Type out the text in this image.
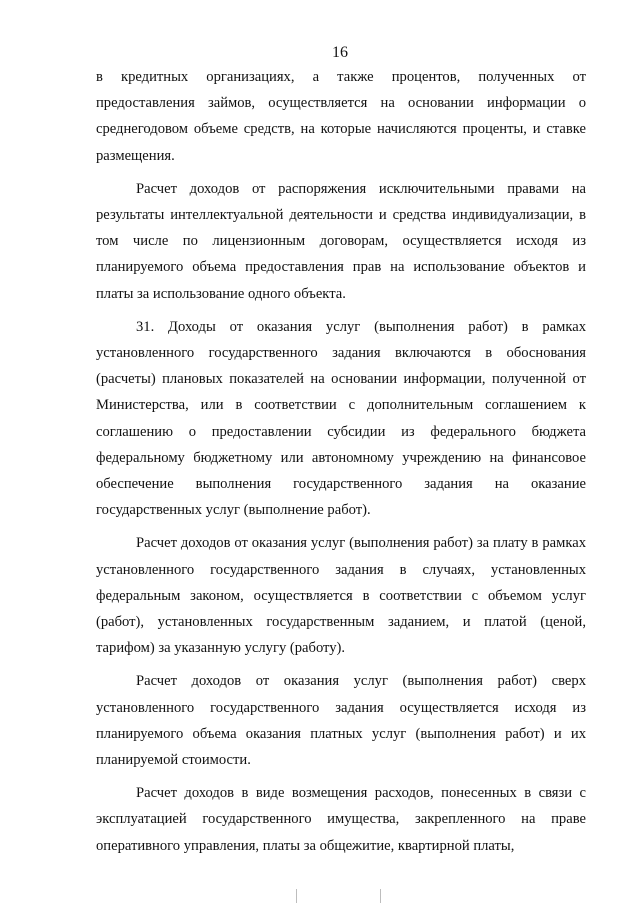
16

в кредитных организациях, а также процентов, полученных от предоставления займов, осуществляется на основании информации о среднегодовом объеме средств, на которые начисляются проценты, и ставке размещения.

Расчет доходов от распоряжения исключительными правами на результаты интеллектуальной деятельности и средства индивидуализации, в том числе по лицензионным договорам, осуществляется исходя из планируемого объема предоставления прав на использование объектов и платы за использование одного объекта.

31. Доходы от оказания услуг (выполнения работ) в рамках установленного государственного задания включаются в обоснования (расчеты) плановых показателей на основании информации, полученной от Министерства, или в соответствии с дополнительным соглашением к соглашению о предоставлении субсидии из федерального бюджета федеральному бюджетному или автономному учреждению на финансовое обеспечение выполнения государственного задания на оказание государственных услуг (выполнение работ).

Расчет доходов от оказания услуг (выполнения работ) за плату в рамках установленного государственного задания в случаях, установленных федеральным законом, осуществляется в соответствии с объемом услуг (работ), установленных государственным заданием, и платой (ценой, тарифом) за указанную услугу (работу).

Расчет доходов от оказания услуг (выполнения работ) сверх установленного государственного задания осуществляется исходя из планируемого объема оказания платных услуг (выполнения работ) и их планируемой стоимости.

Расчет доходов в виде возмещения расходов, понесенных в связи с эксплуатацией государственного имущества, закрепленного на праве оперативного управления, платы за общежитие, квартирной платы,
